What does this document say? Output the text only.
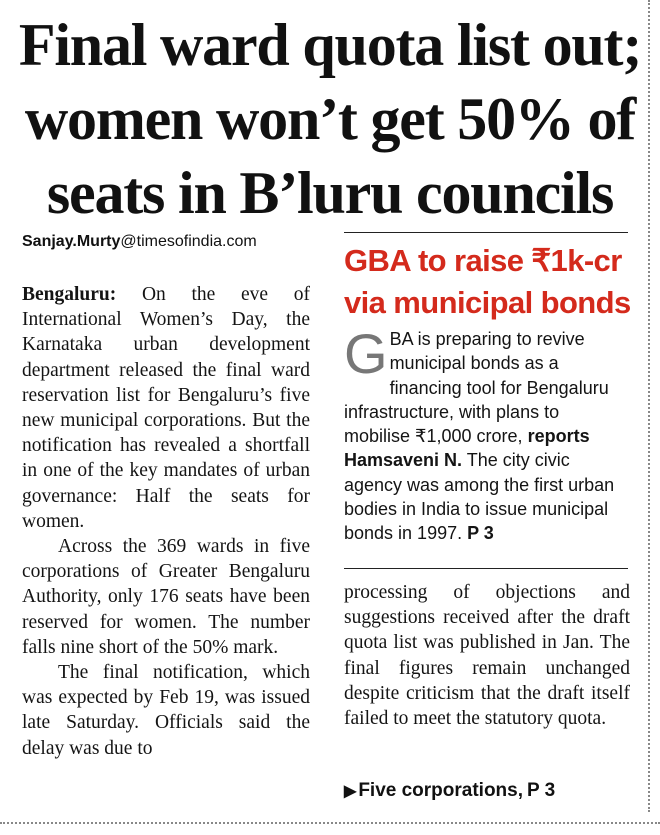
Final ward quota list out;
women won’t get 50% of
seats in B’luru councils
Sanjay.Murty@timesofindia.com

Bengaluru: On the eve of International Women’s Day, the Karnataka urban development department released the final ward reservation list for Bengaluru’s five new municipal corporations. But the notification has revealed a shortfall in one of the key mandates of urban governance: Half the seats for women.

Across the 369 wards in five corporations of Greater Bengaluru Authority, only 176 seats have been reserved for women. The number falls nine short of the 50% mark.

The final notification, which was expected by Feb 19, was issued late Saturday. Officials said the delay was due to

GBA to raise ₹1k-cr
via municipal bonds
GBA is preparing to revive municipal bonds as a financing tool for Bengaluru infrastructure, with plans to mobilise ₹1,000 crore, reports Hamsaveni N. The city civic agency was among the first urban bodies in India to issue municipal bonds in 1997. P 3

processing of objections and suggestions received after the draft quota list was published in Jan. The final figures remain unchanged despite criticism that the draft itself failed to meet the statutory quota.

▶ Five corporations, P 3
